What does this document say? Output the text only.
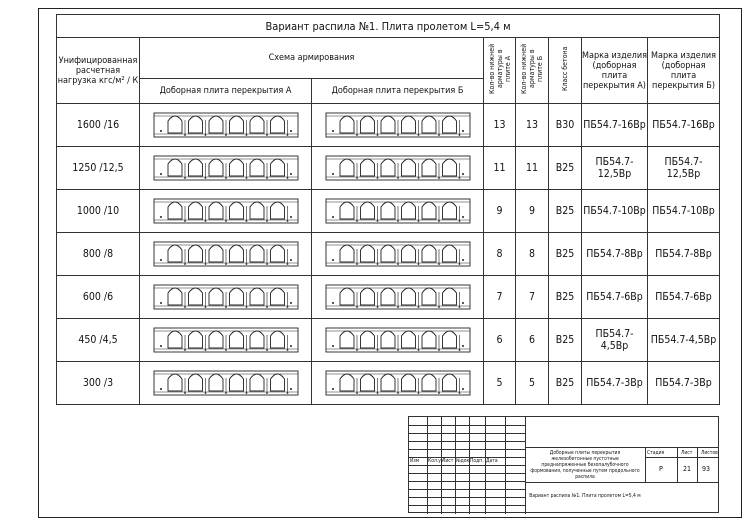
Вариант распила №1. Плита пролетом L=5,4 м							
Унифицированная расчетная нагрузка кгс/м² / К	Схема армирования		Кол-во нижней арматуры в плите А	Кол-во нижней арматуры в плите Б	Класс бетона	Марка изделия (доборная плита перекрытия А)	Марка изделия (доборная плита перекрытия Б)
	Доборная плита перекрытия А	Доборная плита перекрытия Б					
1600 /16			13	13	B30	ПБ54.7-16Вр	ПБ54.7-16Вр
1250 /12,5			11	11	B25	ПБ54.7-12,5Вр	ПБ54.7-12,5Вр
1000 /10			9	9	B25	ПБ54.7-10Вр	ПБ54.7-10Вр
800 /8			8	8	B25	ПБ54.7-8Вр	ПБ54.7-8Вр
600 /6			7	7	B25	ПБ54.7-6Вр	ПБ54.7-6Вр
450 /4,5			6	6	B25	ПБ54.7-4,5Вр	ПБ54.7-4,5Вр
300 /3			5	5	B25	ПБ54.7-3Вр	ПБ54.7-3Вр
Изм Кол.уч
Лист №док Подп. Дата
Доборные плиты перекрытия железобетонные пустотные преднапряженные безопалубочного формования, полученные путем продольного распила
Вариант распила №1. Плита пролетом L=5,4 м
Стадия	Лист Листов
Р	21 93
